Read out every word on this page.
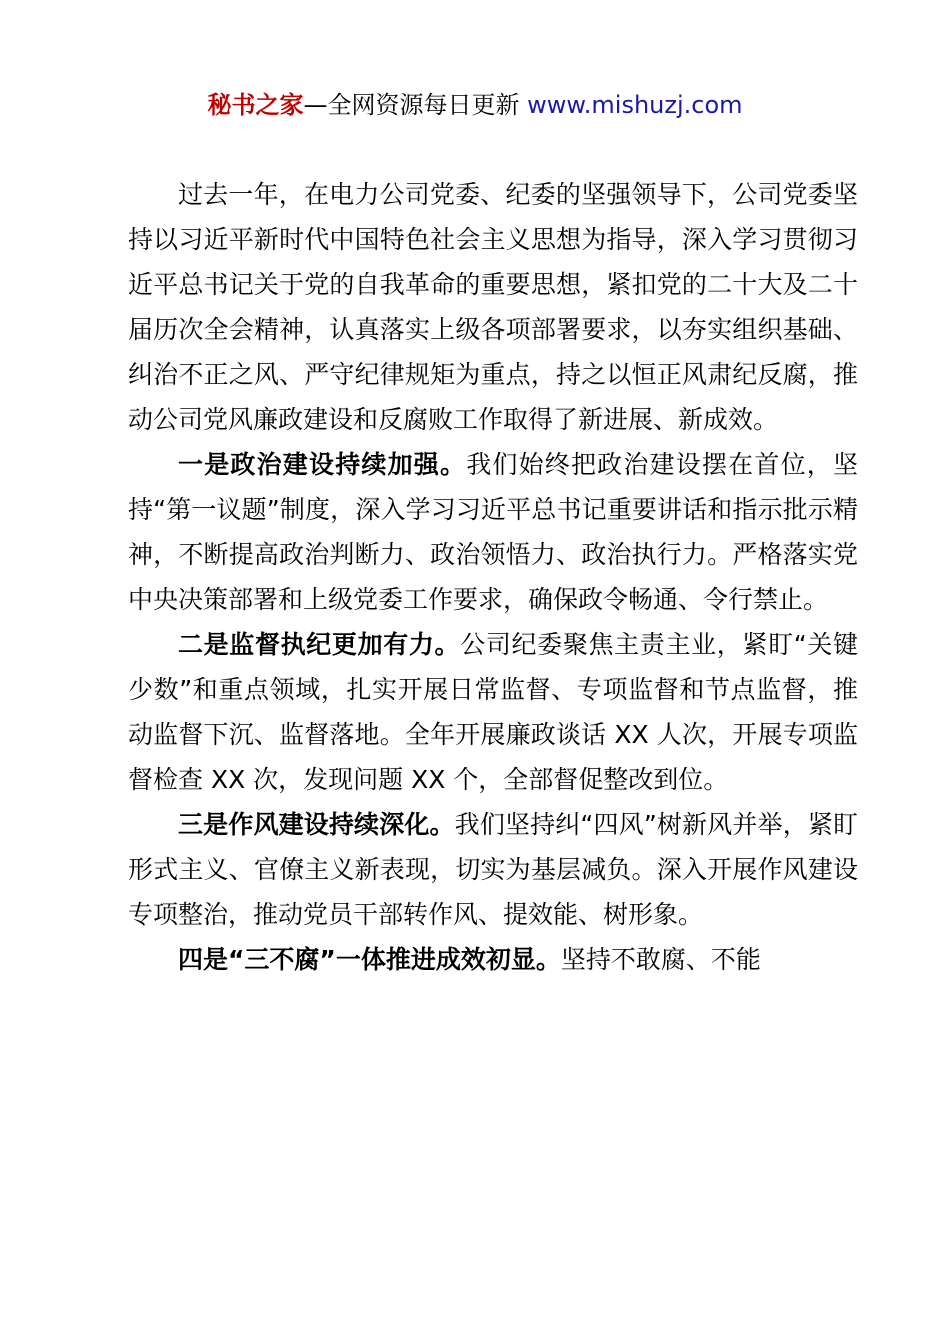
秘书之家—全网资源每日更新 www.mishuzj.com

过去一年，在电力公司党委、纪委的坚强领导下，公司党委坚持以习近平新时代中国特色社会主义思想为指导，深入学习贯彻习近平总书记关于党的自我革命的重要思想，紧扣党的二十大及二十届历次全会精神，认真落实上级各项部署要求，以夯实组织基础、纠治不正之风、严守纪律规矩为重点，持之以恒正风肃纪反腐，推动公司党风廉政建设和反腐败工作取得了新进展、新成效。

一是政治建设持续加强。我们始终把政治建设摆在首位，坚持“第一议题”制度，深入学习习近平总书记重要讲话和指示批示精神，不断提高政治判断力、政治领悟力、政治执行力。严格落实党中央决策部署和上级党委工作要求，确保政令畅通、令行禁止。

二是监督执纪更加有力。公司纪委聚焦主责主业，紧盯“关键少数”和重点领域，扎实开展日常监督、专项监督和节点监督，推动监督下沉、监督落地。全年开展廉政谈话 XX 人次，开展专项监督检查 XX 次，发现问题 XX 个，全部督促整改到位。

三是作风建设持续深化。我们坚持纠“四风”树新风并举，紧盯形式主义、官僚主义新表现，切实为基层减负。深入开展作风建设专项整治，推动党员干部转作风、提效能、树形象。

四是“三不腐”一体推进成效初显。坚持不敢腐、不能
